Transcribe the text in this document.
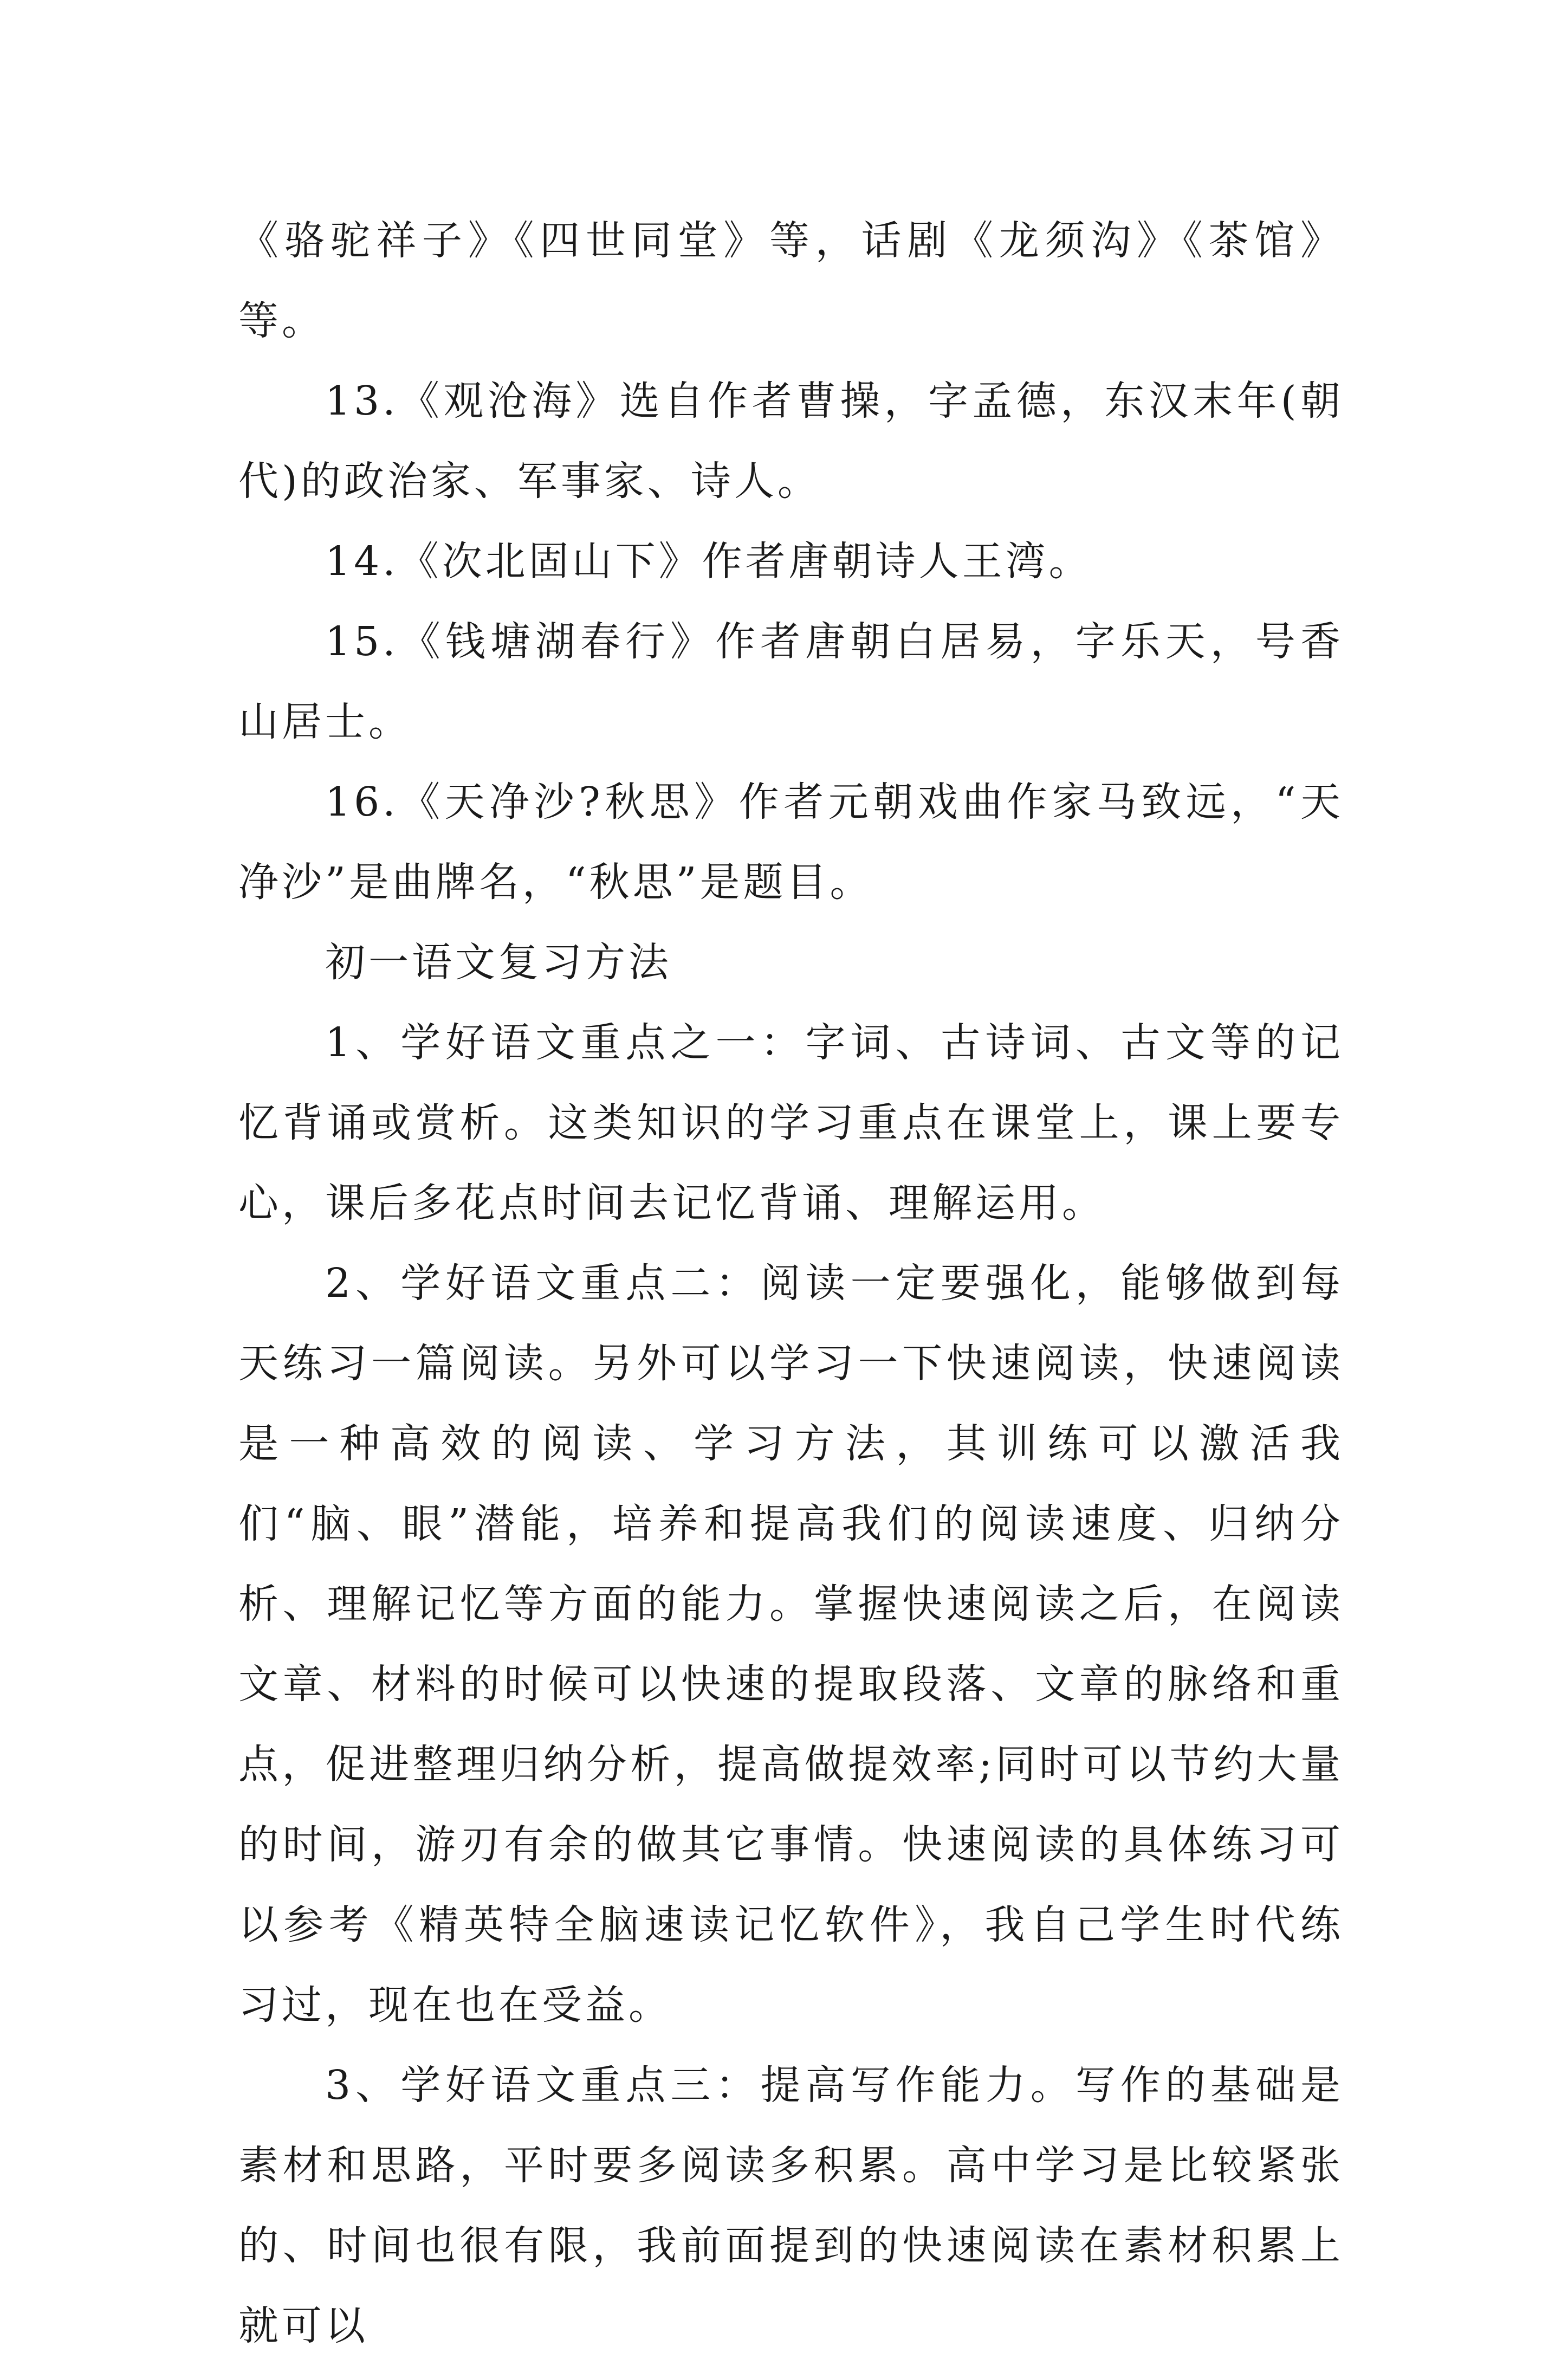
《骆驼祥子》《四世同堂》等，话剧《龙须沟》《茶馆》等。

13.《观沧海》选自作者曹操，字孟德，东汉末年(朝代)的政治家、军事家、诗人。

14.《次北固山下》作者唐朝诗人王湾。

15.《钱塘湖春行》作者唐朝白居易，字乐天，号香山居士。

16.《天净沙?秋思》作者元朝戏曲作家马致远，“天净沙”是曲牌名，“秋思”是题目。

初一语文复习方法

1、学好语文重点之一：字词、古诗词、古文等的记忆背诵或赏析。这类知识的学习重点在课堂上，课上要专心，课后多花点时间去记忆背诵、理解运用。

2、学好语文重点二：阅读一定要强化，能够做到每天练习一篇阅读。另外可以学习一下快速阅读，快速阅读是一种高效的阅读、学习方法，其训练可以激活我们“脑、眼”潜能，培养和提高我们的阅读速度、归纳分析、理解记忆等方面的能力。掌握快速阅读之后，在阅读文章、材料的时候可以快速的提取段落、文章的脉络和重点，促进整理归纳分析，提高做提效率;同时可以节约大量的时间，游刃有余的做其它事情。快速阅读的具体练习可以参考《精英特全脑速读记忆软件》，我自己学生时代练习过，现在也在受益。

3、学好语文重点三：提高写作能力。写作的基础是素材和思路，平时要多阅读多积累。高中学习是比较紧张的、时间也很有限，我前面提到的快速阅读在素材积累上就可以
